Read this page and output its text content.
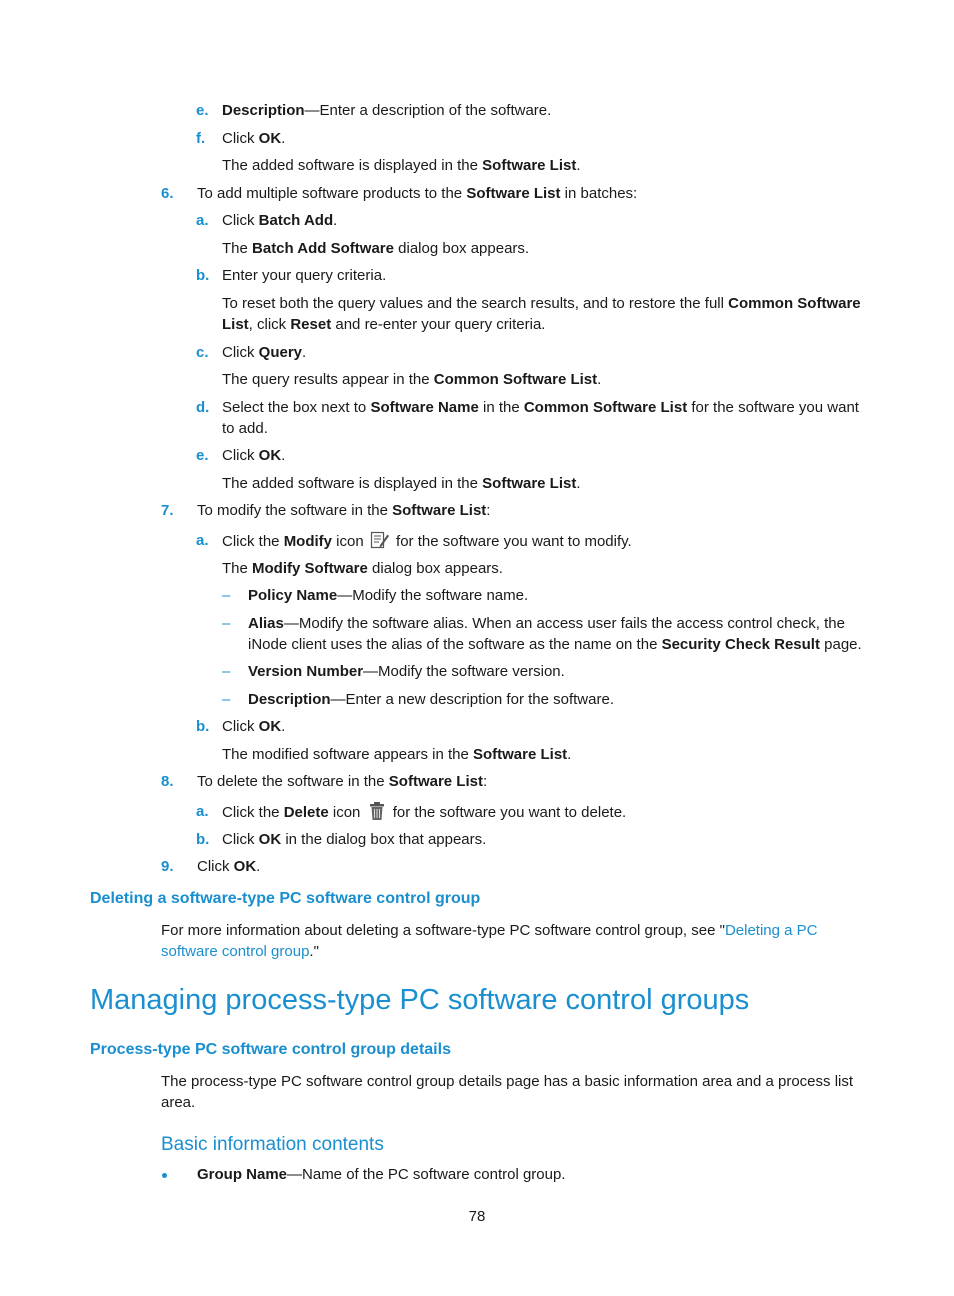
e. Description—Enter a description of the software.
f. Click OK.
The added software is displayed in the Software List.
6. To add multiple software products to the Software List in batches:
a. Click Batch Add.
The Batch Add Software dialog box appears.
b. Enter your query criteria.
To reset both the query values and the search results, and to restore the full Common Software
List, click Reset and re-enter your query criteria.
c. Click Query.
The query results appear in the Common Software List.
d. Select the box next to Software Name in the Common Software List for the software you want
to add.
e. Click OK.
The added software is displayed in the Software List.
7. To modify the software in the Software List:
a. Click the Modify icon  for the software you want to modify.
The Modify Software dialog box appears.
– Policy Name—Modify the software name.
– Alias—Modify the software alias. When an access user fails the access control check, the
iNode client uses the alias of the software as the name on the Security Check Result page.
– Version Number—Modify the software version.
– Description—Enter a new description for the software.
b. Click OK.
The modified software appears in the Software List.
8. To delete the software in the Software List:
a. Click the Delete icon  for the software you want to delete.
b. Click OK in the dialog box that appears.
9. Click OK.
Deleting a software-type PC software control group
For more information about deleting a software-type PC software control group, see "Deleting a PC
software control group."
Managing process-type PC software control groups
Process-type PC software control group details
The process-type PC software control group details page has a basic information area and a process list
area.
Basic information contents
Group Name—Name of the PC software control group.
78
